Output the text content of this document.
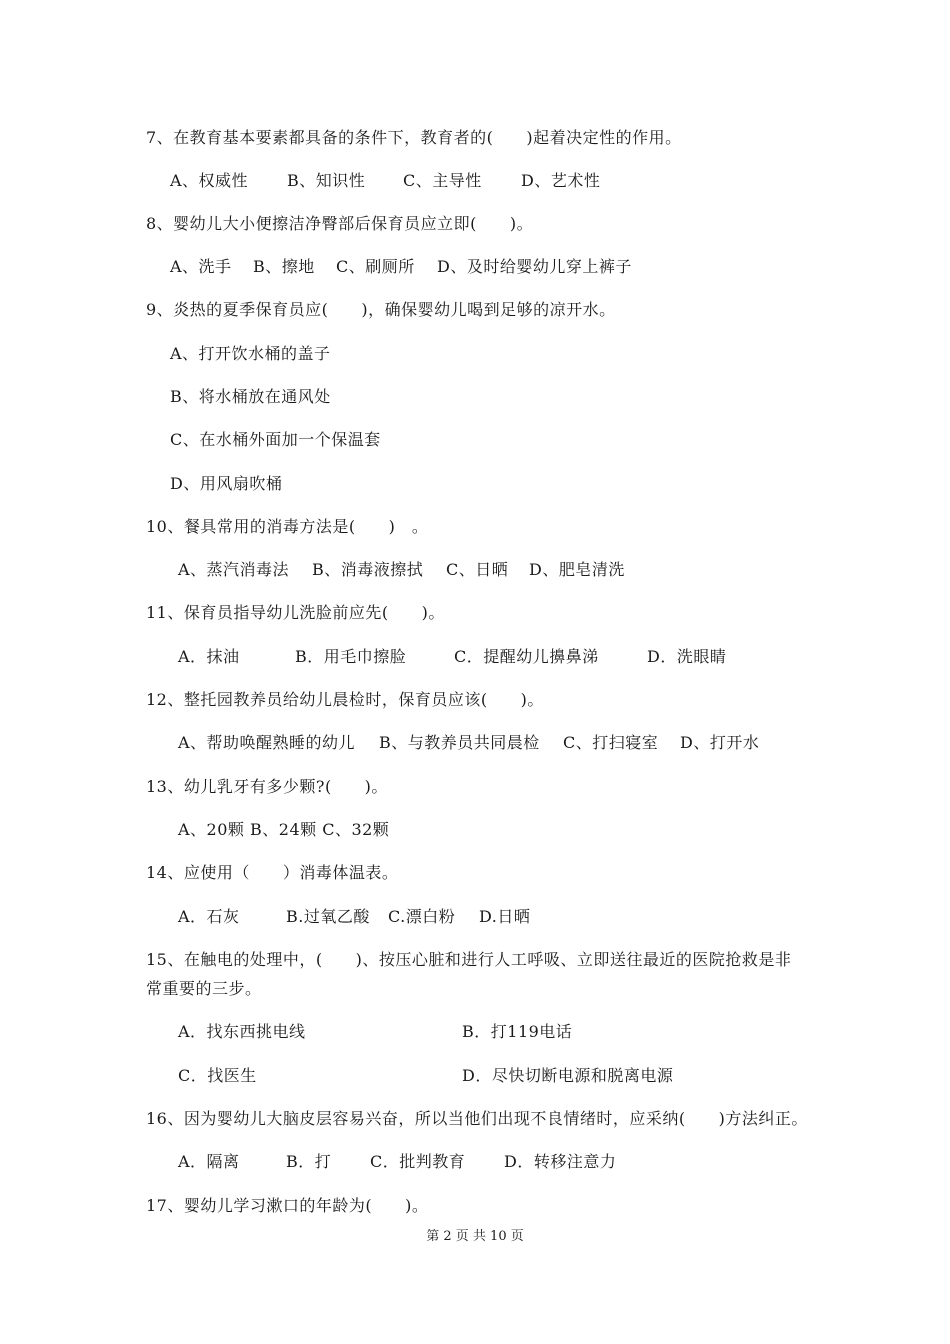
7、在教育基本要素都具备的条件下，教育者的(　　)起着决定性的作用。
A、权威性 B、知识性 C、主导性 D、艺术性
8、婴幼儿大小便擦洁净臀部后保育员应立即(　　)。
A、洗手 B、擦地 C、刷厕所 D、及时给婴幼儿穿上裤子
9、炎热的夏季保育员应(　　)，确保婴幼儿喝到足够的凉开水。
A、打开饮水桶的盖子
B、将水桶放在通风处
C、在水桶外面加一个保温套
D、用风扇吹桶
10、餐具常用的消毒方法是(　　)　。
A、蒸汽消毒法 B、消毒液擦拭 C、日晒 D、肥皂清洗
11、保育员指导幼儿洗脸前应先(　　)。
A．抹油	B．用毛巾擦脸	C．提醒幼儿擤鼻涕	D．洗眼睛
12、整托园教养员给幼儿晨检时，保育员应该(　　)。
A、帮助唤醒熟睡的幼儿 B、与教养员共同晨检 C、打扫寝室 D、打开水
13、幼儿乳牙有多少颗?(　　)。
A、20颗 B、24颗 C、32颗
14、应使用（　　）消毒体温表。
A．石灰	B.过氧乙酸 C.漂白粉 D.日晒
15、在触电的处理中，(　　)、按压心脏和进行人工呼吸、立即送往最近的医院抢救是非
常重要的三步。
A．找东西挑电线	B．打119电话
C．找医生	D．尽快切断电源和脱离电源
16、因为婴幼儿大脑皮层容易兴奋，所以当他们出现不良情绪时，应采纳(　　)方法纠正。
A．隔离	B．打 C．批判教育 D．转移注意力
17、婴幼儿学习漱口的年龄为(　　)。
第 2 页 共 10 页
